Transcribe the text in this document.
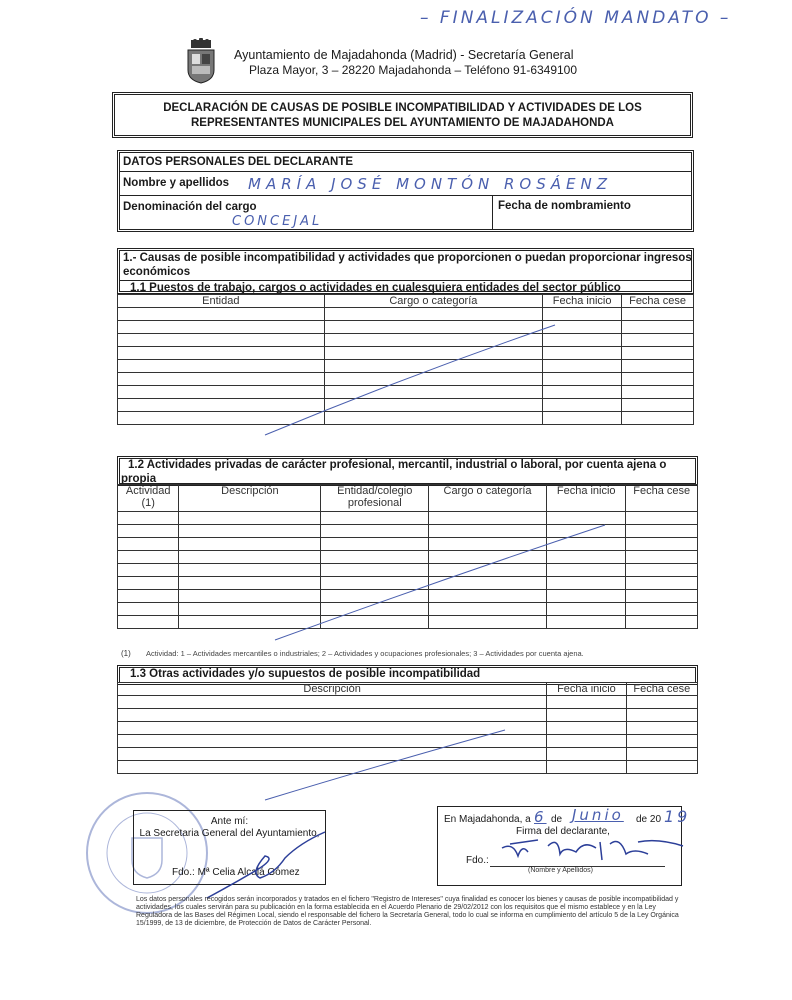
– FINALIZACIÓN MANDATO –
Ayuntamiento de Majadahonda (Madrid) - Secretaría General
Plaza Mayor, 3 – 28220 Majadahonda – Teléfono 91-6349100
DECLARACIÓN DE CAUSAS DE POSIBLE INCOMPATIBILIDAD Y ACTIVIDADES DE LOS
REPRESENTANTES MUNICIPALES DEL AYUNTAMIENTO DE MAJADAHONDA
DATOS PERSONALES DEL DECLARANTE
Nombre y apellidos MARÍA JOSÉ MONTÓN ROSÁENZ
Denominación del cargo
CONCEJAL
Fecha de nombramiento
1.- Causas de posible incompatibilidad y actividades que proporcionen o puedan proporcionar ingresos
económicos
1.1 Puestos de trabajo, cargos o actividades en cualesquiera entidades del sector público
Entidad	Cargo o categoría	Fecha inicio	Fecha cese

1.2 Actividades privadas de carácter profesional, mercantil, industrial o laboral, por cuenta ajena o
propia
Actividad (1)	Descripción	Entidad/colegio profesional	Cargo o categoría	Fecha inicio	Fecha cese

(1) Actividad: 1 – Actividades mercantiles o industriales; 2 – Actividades y ocupaciones profesionales; 3 – Actividades por cuenta ajena.
1.3 Otras actividades y/o supuestos de posible incompatibilidad
Descripción	Fecha inicio	Fecha cese

Ante mí:
La Secretaria General del Ayuntamiento,
Fdo.: Mª Celia Alcalá Gómez
En Majadahonda, a 6 de Junio de 20 19
Firma del declarante,
Fdo.:
(Nombre y Apellidos)
Los datos personales recogidos serán incorporados y tratados en el fichero "Registro de Intereses" cuya finalidad es conocer los bienes y causas de posible incompatibilidad y actividades, los cuales servirán para su publicación en la forma establecida en el Acuerdo Plenario de 29/02/2012 con los requisitos que el mismo establece y en la Ley Reguladora de las Bases del Régimen Local, siendo el responsable del fichero la Secretaría General, todo lo cual se informa en cumplimiento del artículo 5 de la Ley Orgánica 15/1999, de 13 de diciembre, de Protección de Datos de Carácter Personal.
